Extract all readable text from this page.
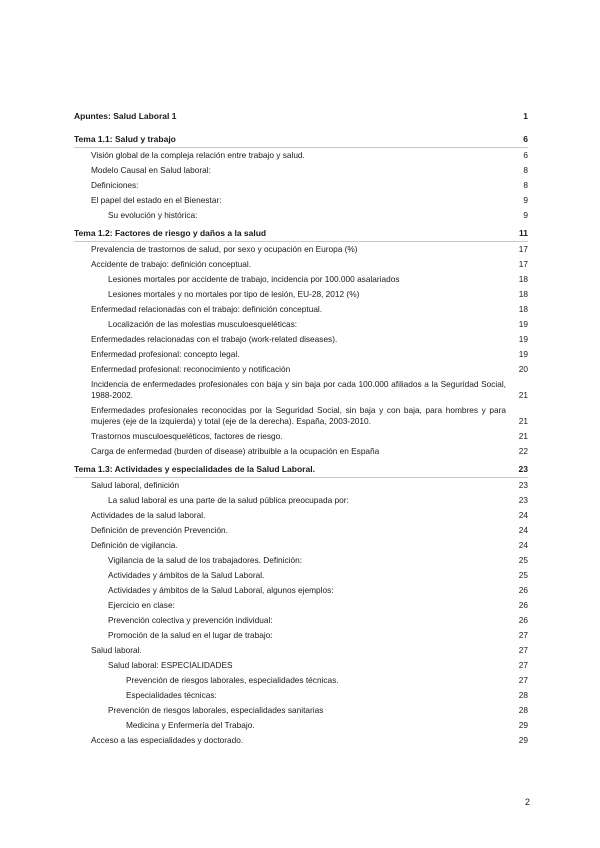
Apuntes: Salud Laboral 1	1
Tema 1.1: Salud y trabajo	6
Visión global de la compleja relación entre trabajo y salud.	6
Modelo Causal en Salud laboral:	8
Definiciones:	8
El papel del estado en el Bienestar:	9
Su evolución y histórica:	9
Tema 1.2: Factores de riesgo y daños a la salud	11
Prevalencia de trastornos de salud, por sexo y ocupación en Europa (%)	17
Accidente de trabajo: definición conceptual.	17
Lesiones mortales por accidente de trabajo, incidencia por 100.000 asalariados	18
Lesiones mortales y no mortales por tipo de lesión, EU-28, 2012 (%)	18
Enfermedad relacionadas con el trabajo: definición conceptual.	18
Localización de las molestias musculoesqueléticas:	19
Enfermedades relacionadas con el trabajo (work-related diseases).	19
Enfermedad profesional: concepto legal.	19
Enfermedad profesional: reconocimiento y notificación	20
Incidencia de enfermedades profesionales con baja y sin baja por cada 100.000 afiliados a la Seguridad Social, 1988-2002.	21
Enfermedades profesionales reconocidas por la Seguridad Social, sin baja y con baja, para hombres y para mujeres (eje de la izquierda) y total (eje de la derecha). España, 2003-2010.	21
Trastornos musculoesqueléticos, factores de riesgo.	21
Carga de enfermedad (burden of disease) atribuible a la ocupación en España	22
Tema 1.3: Actividades y especialidades de la Salud Laboral.	23
Salud laboral, definición	23
La salud laboral es una parte de la salud pública preocupada por:	23
Actividades de la salud laboral.	24
Definición de prevención Prevención.	24
Definición de vigilancia.	24
Vigilancia de la salud de los trabajadores. Definición:	25
Actividades y ámbitos de la Salud Laboral.	25
Actividades y ámbitos de la Salud Laboral, algunos ejemplos:	26
Ejercicio en clase:	26
Prevención colectiva y prevención individual:	26
Promoción de la salud en el lugar de trabajo:	27
Salud laboral.	27
Salud laboral: ESPECIALIDADES	27
Prevención de riesgos laborales, especialidades técnicas.	27
Especialidades técnicas:	28
Prevención de riesgos laborales, especialidades sanitarias	28
Medicina y Enfermería del Trabajo.	29
Acceso a las especialidades y doctorado.	29
2
